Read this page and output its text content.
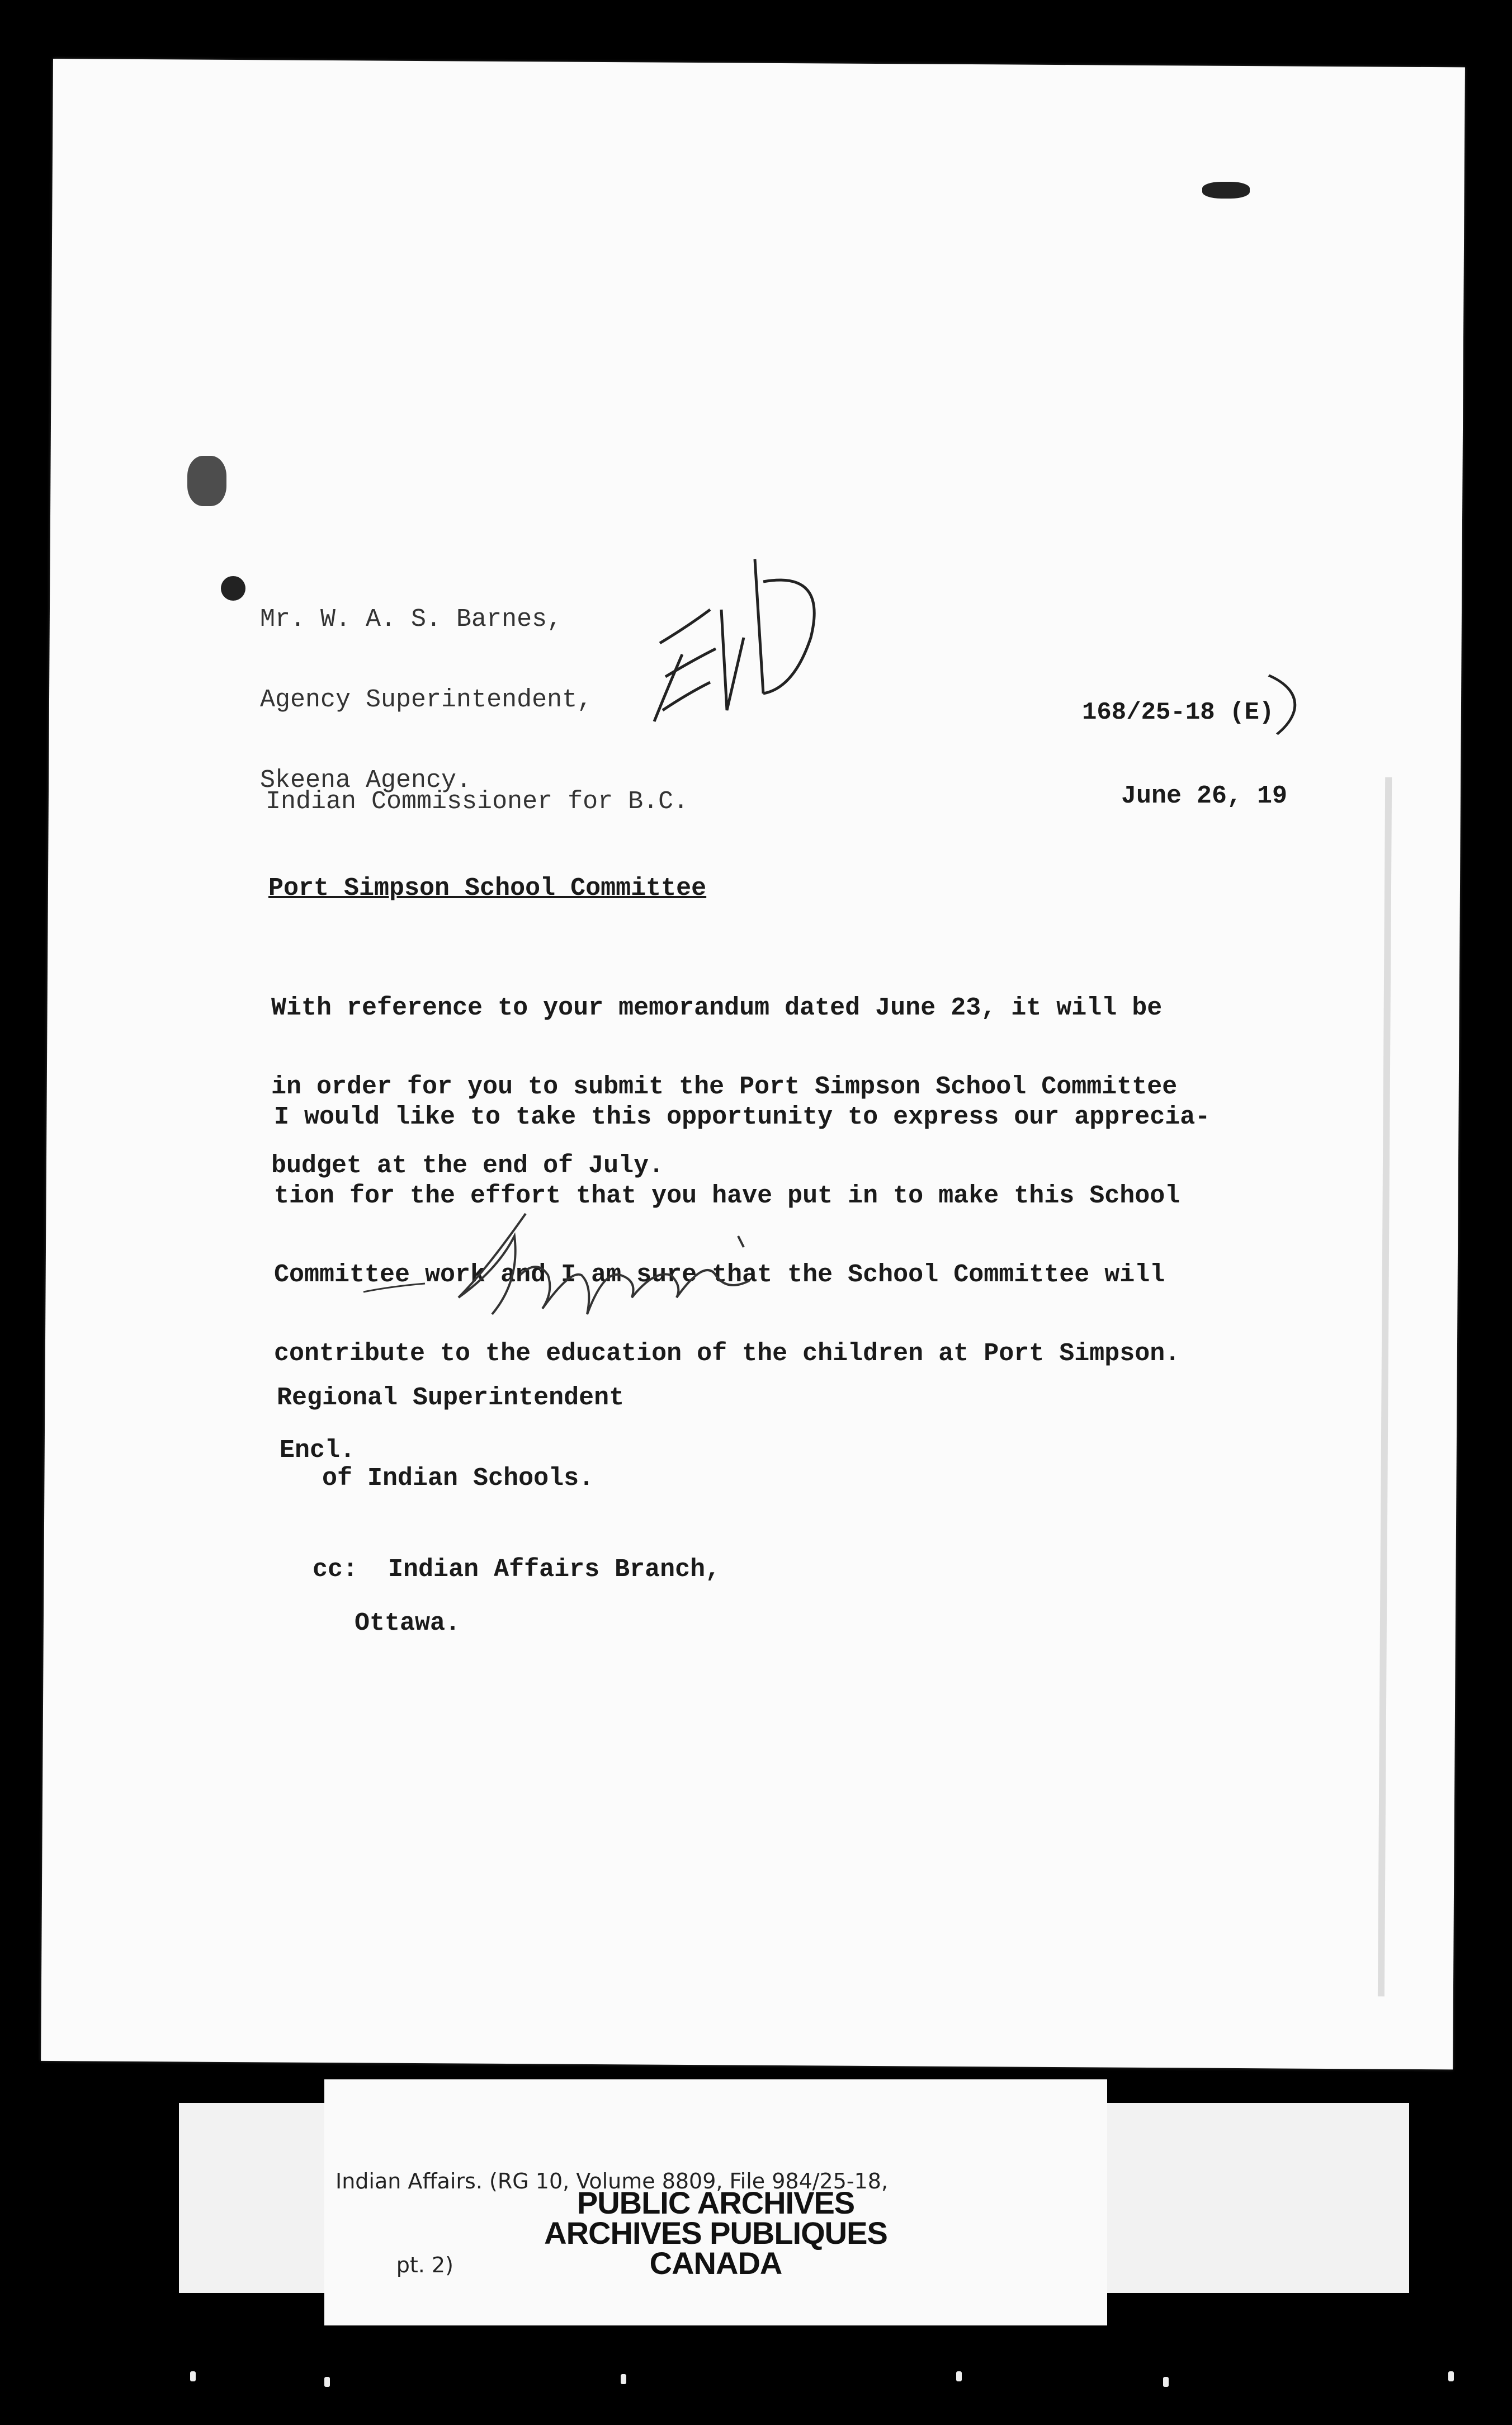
Mr. W. A. S. Barnes,

Agency Superintendent,

Skeena Agency.

168/25-18 (E)
Indian Commissioner for B.C.	June 26, 19
Port Simpson School Committee

With reference to your memorandum dated June 23, it will be

in order for you to submit the Port Simpson School Committee

budget at the end of July.

I would like to take this opportunity to express our apprecia-

tion for the effort that you have put in to make this School

Committee work and I am sure that the School Committee will

contribute to the education of the children at Port Simpson.

Regional Superintendent

of Indian Schools.

Encl.

cc: Indian Affairs Branch,

Ottawa.

Indian Affairs. (RG 10, Volume 8809, File 984/25-18,

pt. 2)

PUBLIC ARCHIVES
ARCHIVES PUBLIQUES
CANADA
